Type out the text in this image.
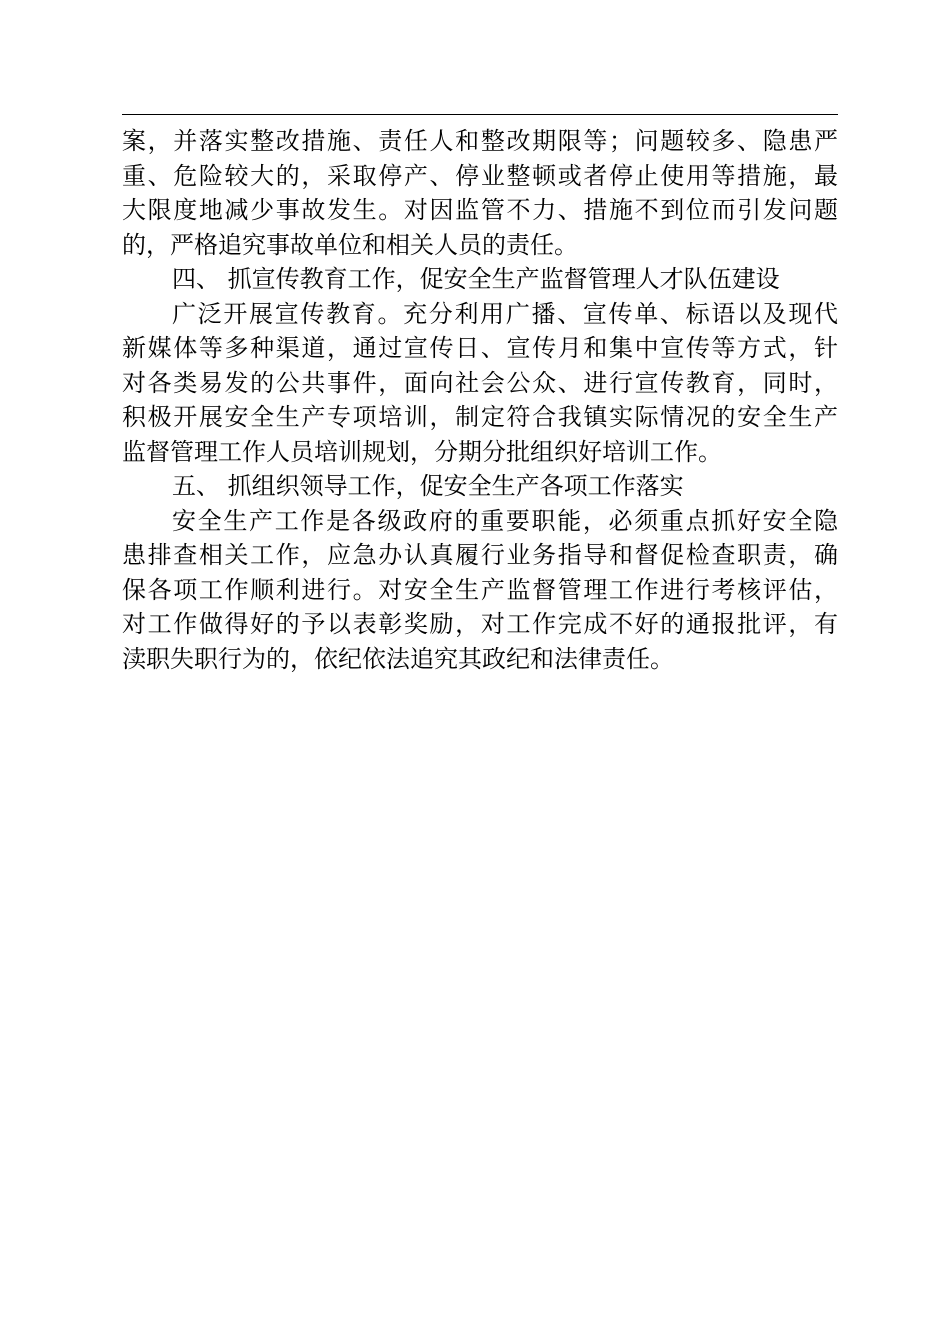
案，并落实整改措施、责任人和整改期限等；问题较多、隐患严
重、危险较大的，采取停产、停业整顿或者停止使用等措施，最
大限度地减少事故发生。对因监管不力、措施不到位而引发问题
的，严格追究事故单位和相关人员的责任。
四、 抓宣传教育工作，促安全生产监督管理人才队伍建设
广泛开展宣传教育。充分利用广播、宣传单、标语以及现代
新媒体等多种渠道，通过宣传日、宣传月和集中宣传等方式，针
对各类易发的公共事件，面向社会公众、进行宣传教育，同时，
积极开展安全生产专项培训，制定符合我镇实际情况的安全生产
监督管理工作人员培训规划，分期分批组织好培训工作。
五、 抓组织领导工作，促安全生产各项工作落实
安全生产工作是各级政府的重要职能，必须重点抓好安全隐
患排查相关工作，应急办认真履行业务指导和督促检查职责，确
保各项工作顺利进行。对安全生产监督管理工作进行考核评估，
对工作做得好的予以表彰奖励，对工作完成不好的通报批评，有
渎职失职行为的，依纪依法追究其政纪和法律责任。
